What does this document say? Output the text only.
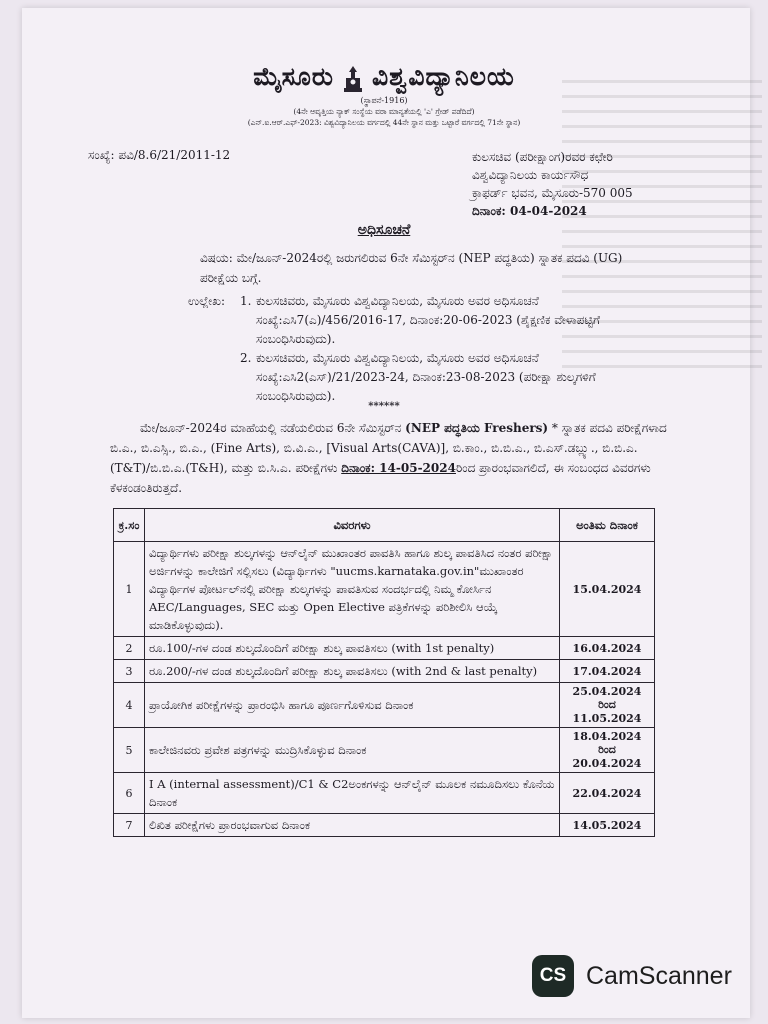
ಮೈಸೂರು ವಿಶ್ವವಿದ್ಯಾನಿಲಯ
(ಸ್ಥಾಪನೆ-1916)
(4ನೇ ಆವೃತ್ತಿಯ ನ್ಯಾಕ್ ಸಂಸ್ಥೆಯ ವರಾ ಮಾನ್ಯತೆಯಲ್ಲಿ 'ಎ' ಗ್ರೇಡ್ ಪಡೆದಿದೆ)
(ಎನ್.ಐ.ಆರ್.ಎಫ್-2023: ವಿಶ್ವವಿದ್ಯಾನಿಲಯ ವರ್ಗದಲ್ಲಿ 44ನೇ ಸ್ಥಾನ ಮತ್ತು ಒಟ್ಟಾರೆ ವರ್ಗದಲ್ಲಿ 71ನೇ ಸ್ಥಾನ)
ಸಂಖ್ಯೆ: ಪವಿ/8.6/21/2011-12	ಕುಲಸಚಿವ (ಪರೀಕ್ಷಾಂಗ)ರವರ ಕಛೇರಿ
ವಿಶ್ವವಿದ್ಯಾನಿಲಯ ಕಾರ್ಯಸೌಧ
ಕ್ರಾಫರ್ಡ್ ಭವನ, ಮೈಸೂರು-570 005
ದಿನಾಂಕ: 04-04-2024
ಅಧಿಸೂಚನೆ
ವಿಷಯ: ಮೇ/ಜೂನ್-2024ರಲ್ಲಿ ಜರುಗಲಿರುವ 6ನೇ ಸೆಮಿಸ್ಟರ್‌ನ (NEP ಪದ್ಧತಿಯ) ಸ್ನಾತಕ ಪದವಿ (UG) ಪರೀಕ್ಷೆಯ ಬಗ್ಗೆ.
ಉಲ್ಲೇಖ:	1. ಕುಲಸಚಿವರು, ಮೈಸೂರು ವಿಶ್ವವಿದ್ಯಾನಿಲಯ, ಮೈಸೂರು ಅವರ ಅಧಿಸೂಚನೆ
ಸಂಖ್ಯೆ:ಎಸಿ7(ಎ)/456/2016-17, ದಿನಾಂಕ:20-06-2023 (ಶೈಕ್ಷಣಿಕ ವೇಳಾಪಟ್ಟಿಗೆ ಸಂಬಂಧಿಸಿರುವುದು).
2. ಕುಲಸಚಿವರು, ಮೈಸೂರು ವಿಶ್ವವಿದ್ಯಾನಿಲಯ, ಮೈಸೂರು ಅವರ ಅಧಿಸೂಚನೆ
ಸಂಖ್ಯೆ:ಎಸಿ2(ಎಸ್)/21/2023-24, ದಿನಾಂಕ:23-08-2023 (ಪರೀಕ್ಷಾ ಶುಲ್ಕಗಳಿಗೆ ಸಂಬಂಧಿಸಿರುವುದು).
******
ಮೇ/ಜೂನ್-2024ರ ಮಾಹೆಯಲ್ಲಿ ನಡೆಯಲಿರುವ 6ನೇ ಸೆಮಿಸ್ಟರ್‌ನ (NEP ಪದ್ಧತಿಯ Freshers) * ಸ್ನಾತಕ ಪದವಿ ಪರೀಕ್ಷೆಗಳಾದ ಬಿ.ಎ., ಬಿ.ಎಸ್ಸಿ., ಬಿ.ಎ., (Fine Arts), ಬಿ.ವಿ.ಎ., [Visual Arts(CAVA)], ಬಿ.ಕಾಂ., ಬಿ.ಬಿ.ಎ., ಬಿ.ಎಸ್.ಡಬ್ಲ್ಯು., ಬಿ.ಬಿ.ಎ.(T&T)/ಬಿ.ಬಿ.ಎ.(T&H), ಮತ್ತು ಬಿ.ಸಿ.ಎ. ಪರೀಕ್ಷೆಗಳು ದಿನಾಂಕ: 14-05-2024ರಿಂದ ಪ್ರಾರಂಭವಾಗಲಿದೆ, ಈ ಸಂಬಂಧದ ವಿವರಗಳು ಕೆಳಕಂಡಂತಿರುತ್ತದೆ.
ಕ್ರ.ಸಂ	ವಿವರಗಳು	ಅಂತಿಮ ದಿನಾಂಕ
1	ವಿದ್ಯಾರ್ಥಿಗಳು ಪರೀಕ್ಷಾ ಶುಲ್ಕಗಳನ್ನು ಆನ್‌ಲೈನ್ ಮುಖಾಂತರ ಪಾವತಿಸಿ ಹಾಗೂ ಶುಲ್ಕ ಪಾವತಿಸಿದ ನಂತರ ಪರೀಕ್ಷಾ ಅರ್ಜಿಗಳನ್ನು ಕಾಲೇಜಿಗೆ ಸಲ್ಲಿಸಲು (ವಿದ್ಯಾರ್ಥಿಗಳು "uucms.karnataka.gov.in"ಮುಖಾಂತರ ವಿದ್ಯಾರ್ಥಿಗಳ ಪೋರ್ಟಲ್‌ನಲ್ಲಿ ಪರೀಕ್ಷಾ ಶುಲ್ಕಗಳನ್ನು ಪಾವತಿಸುವ ಸಂದರ್ಭದಲ್ಲಿ ನಿಮ್ಮ ಕೋರ್ಸಿನ AEC/Languages, SEC ಮತ್ತು Open Elective ಪತ್ರಿಕೆಗಳನ್ನು ಪರಿಶೀಲಿಸಿ ಆಯ್ಕೆ ಮಾಡಿಕೊಳ್ಳುವುದು).	15.04.2024
2	ರೂ.100/-ಗಳ ದಂಡ ಶುಲ್ಕದೊಂದಿಗೆ ಪರೀಕ್ಷಾ ಶುಲ್ಕ ಪಾವತಿಸಲು (with 1st penalty)	16.04.2024
3	ರೂ.200/-ಗಳ ದಂಡ ಶುಲ್ಕದೊಂದಿಗೆ ಪರೀಕ್ಷಾ ಶುಲ್ಕ ಪಾವತಿಸಲು (with 2nd & last penalty)	17.04.2024
4	ಪ್ರಾಯೋಗಿಕ ಪರೀಕ್ಷೆಗಳನ್ನು ಪ್ರಾರಂಭಿಸಿ ಹಾಗೂ ಪೂರ್ಣಗೊಳಿಸುವ ದಿನಾಂಕ	25.04.2024 ರಿಂದ 11.05.2024
5	ಕಾಲೇಜಿನವರು ಪ್ರವೇಶ ಪತ್ರಗಳನ್ನು ಮುದ್ರಿಸಿಕೊಳ್ಳುವ ದಿನಾಂಕ	18.04.2024 ರಿಂದ 20.04.2024
6	I A (internal assessment)/C1 & C2ಅಂಕಗಳನ್ನು ಆನ್‌ಲೈನ್ ಮೂಲಕ ನಮೂದಿಸಲು ಕೊನೆಯ ದಿನಾಂಕ	22.04.2024
7	ಲಿಖಿತ ಪರೀಕ್ಷೆಗಳು ಪ್ರಾರಂಭವಾಗುವ ದಿನಾಂಕ	14.05.2024
CS CamScanner
